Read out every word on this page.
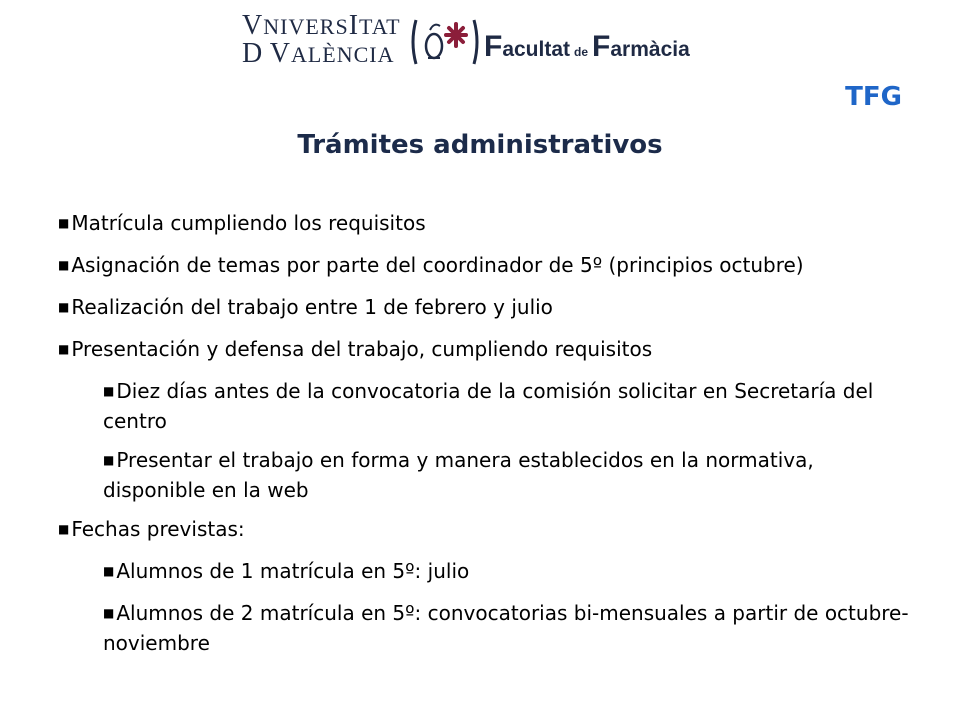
VNIVERSITAT
D VALÈNCIA	Facultat de Farmàcia
TFG
Trámites administrativos
■ Matrícula cumpliendo los requisitos
■ Asignación de temas por parte del coordinador de 5º (principios octubre)
■ Realización del trabajo entre 1 de febrero y julio
■ Presentación y defensa del trabajo, cumpliendo requisitos
■ Diez días antes de la convocatoria de la comisión solicitar en Secretaría del centro
■ Presentar el trabajo en forma y manera establecidos en la normativa, disponible en la web
■ Fechas previstas:
■ Alumnos de 1 matrícula en 5º: julio
■ Alumnos de 2 matrícula en 5º: convocatorias bi-mensuales a partir de octubre-noviembre
